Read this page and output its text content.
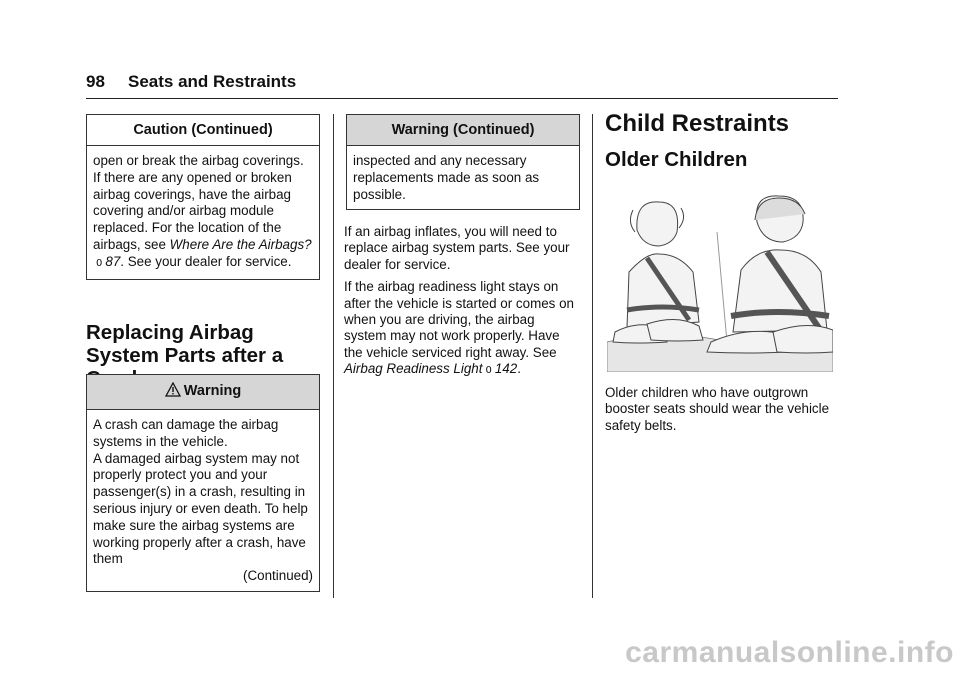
98 Seats and Restraints
Caution (Continued)

open or break the airbag coverings. If there are any opened or broken airbag coverings, have the airbag covering and/or airbag module replaced. For the location of the airbags, see Where Are the Airbags?0 87. See your dealer for service.

Replacing Airbag System Parts after a
Warning

A crash can damage the airbag systems in the vehicle.

A damaged airbag system may not properly protect you and your passenger(s) in a crash, resulting in serious injury or even death. To help make sure the airbag systems are working properly after a crash, have them

(Continued)

Warning (Continued)

inspected and any necessary replacements made as soon as possible.

If an airbag inflates, you will need to replace airbag system parts. See your dealer for service.

If the airbag readiness light stays on after the vehicle is started or comes on when you are driving, the airbag system may not work properly. Have the vehicle serviced right away. See Airbag Readiness Light 0 142.

Child Restraints
Older Children

Older children who have outgrown booster seats should wear the vehicle safety belts.

carmanualsonline.info
